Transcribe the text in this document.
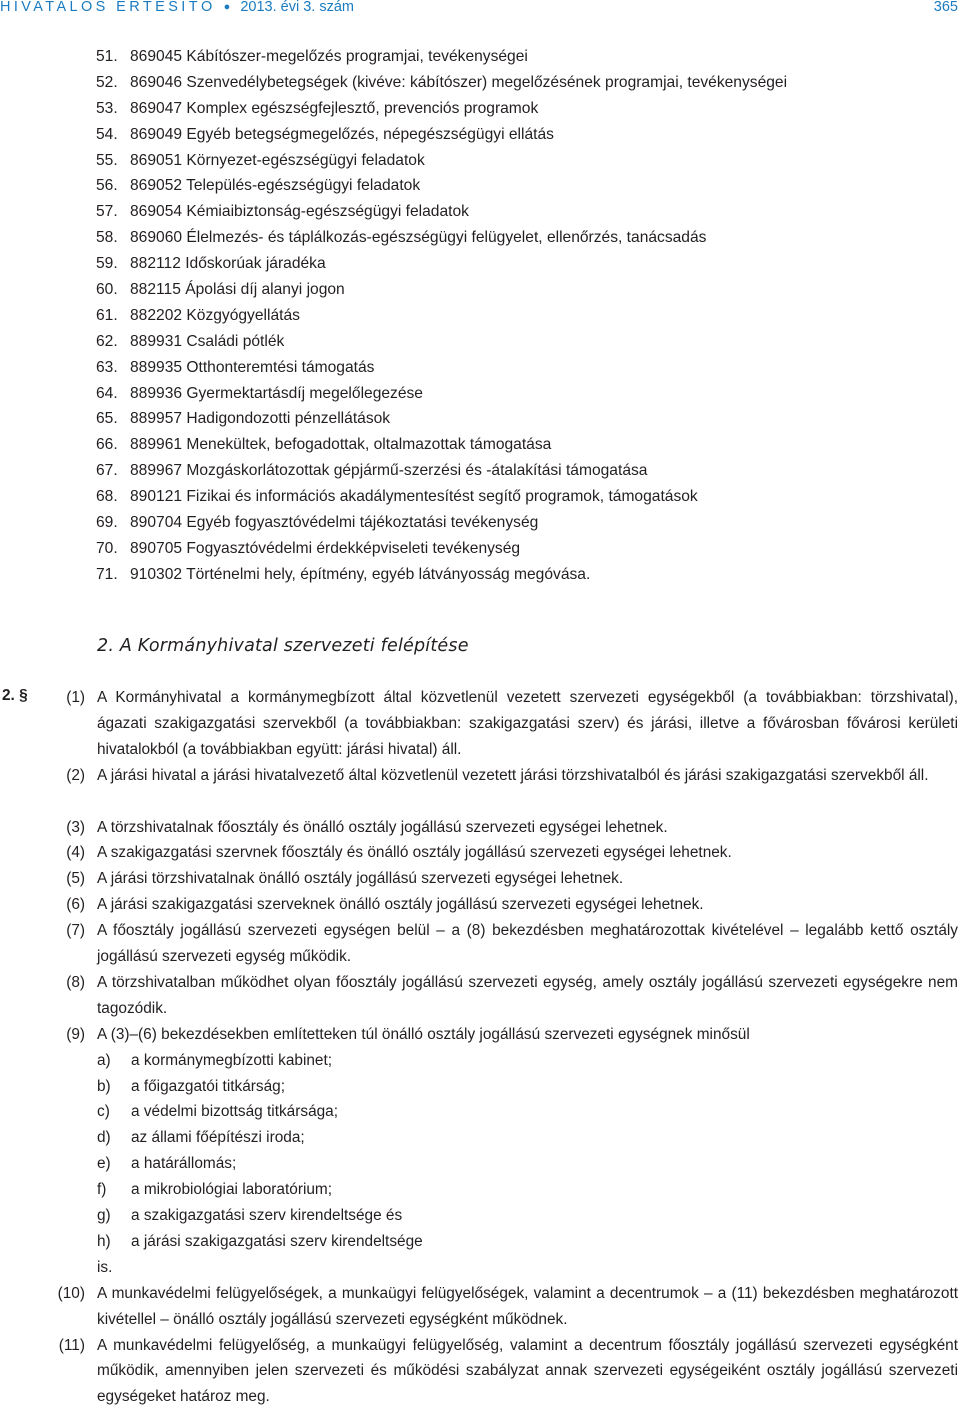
HIVATALOS ÉRTESÍTŐ ● 2013. évi 3. szám	365
51. 869045 Kábítószer-megelőzés programjai, tevékenységei
52. 869046 Szenvedélybetegségek (kivéve: kábítószer) megelőzésének programjai, tevékenységei
53. 869047 Komplex egészségfejlesztő, prevenciós programok
54. 869049 Egyéb betegségmegelőzés, népegészségügyi ellátás
55. 869051 Környezet-egészségügyi feladatok
56. 869052 Település-egészségügyi feladatok
57. 869054 Kémiaibiztonság-egészségügyi feladatok
58. 869060 Élelmezés- és táplálkozás-egészségügyi felügyelet, ellenőrzés, tanácsadás
59. 882112 Időskorúak járadéka
60. 882115 Ápolási díj alanyi jogon
61. 882202 Közgyógyellátás
62. 889931 Családi pótlék
63. 889935 Otthonteremtési támogatás
64. 889936 Gyermektartásdíj megelőlegezése
65. 889957 Hadigondozotti pénzellátások
66. 889961 Menekültek, befogadottak, oltalmazottak támogatása
67. 889967 Mozgáskorlátozottak gépjármű-szerzési és -átalakítási támogatása
68. 890121 Fizikai és információs akadálymentesítést segítő programok, támogatások
69. 890704 Egyéb fogyasztóvédelmi tájékoztatási tevékenység
70. 890705 Fogyasztóvédelmi érdekképviseleti tevékenység
71. 910302 Történelmi hely, építmény, egyéb látványosság megóvása.
2. A Kormányhivatal szervezeti felépítése
2. §	(1) A Kormányhivatal a kormánymegbízott által közvetlenül vezetett szervezeti egységekből (a továbbiakban: törzshivatal), ágazati szakigazgatási szervekből (a továbbiakban: szakigazgatási szerv) és járási, illetve a fővárosban fővárosi kerületi hivatalokból (a továbbiakban együtt: járási hivatal) áll.
(2) A járási hivatal a járási hivatalvezető által közvetlenül vezetett járási törzshivatalból és járási szakigazgatási szervekből áll.
(3) A törzshivatalnak főosztály és önálló osztály jogállású szervezeti egységei lehetnek.
(4) A szakigazgatási szervnek főosztály és önálló osztály jogállású szervezeti egységei lehetnek.
(5) A járási törzshivatalnak önálló osztály jogállású szervezeti egységei lehetnek.
(6) A járási szakigazgatási szerveknek önálló osztály jogállású szervezeti egységei lehetnek.
(7) A főosztály jogállású szervezeti egységen belül – a (8) bekezdésben meghatározottak kivételével – legalább kettő osztály jogállású szervezeti egység működik.
(8) A törzshivatalban működhet olyan főosztály jogállású szervezeti egység, amely osztály jogállású szervezeti egységekre nem tagozódik.
(9) A (3)–(6) bekezdésekben említetteken túl önálló osztály jogállású szervezeti egységnek minősül
a) a kormánymegbízotti kabinet;
b) a főigazgatói titkárság;
c) a védelmi bizottság titkársága;
d) az állami főépítészi iroda;
e) a határállomás;
f) a mikrobiológiai laboratórium;
g) a szakigazgatási szerv kirendeltsége és
h) a járási szakigazgatási szerv kirendeltsége
is.
(10) A munkavédelmi felügyelőségek, a munkaügyi felügyelőségek, valamint a decentrumok – a (11) bekezdésben meghatározott kivétellel – önálló osztály jogállású szervezeti egységként működnek.
(11) A munkavédelmi felügyelőség, a munkaügyi felügyelőség, valamint a decentrum főosztály jogállású szervezeti egységként működik, amennyiben jelen szervezeti és működési szabályzat annak szervezeti egységeiként osztály jogállású szervezeti egységeket határoz meg.
